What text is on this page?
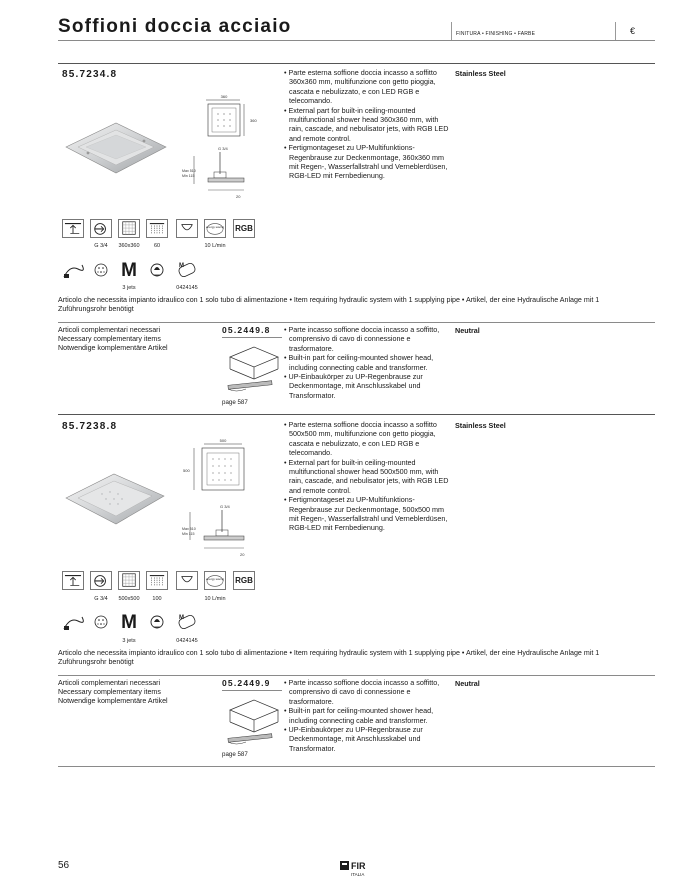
Soffioni doccia acciaio	FINITURA • FINISHING • FARBE	€
85.7234.8
360
360
G 3/4
Max 510
Min 115
20
• Parte esterna soffione doccia incasso a soffitto 360x360 mm, multifunzione con getto pioggia, cascata e nebulizzato, e con LED RGB e telecomando.
• External part for built-in ceiling-mounted multifunctional shower head 360x360 mm, with rain, cascade, and nebulisator jets, with RGB LED and remote control.
• Fertigmontageset zu UP-Multifunktions-Regenbrause zur Deckenmontage, 360x360 mm mit Regen-, Wasserfallstrahl und Verneblerdüsen, RGB-LED mit Fernbedienung.
Stainless Steel
energy saving RGB
G 3/4	360x360	60	10 L/min
M	M
3 jets	0424145
Articolo che necessita impianto idraulico con 1 solo tubo di alimentazione • Item requiring hydraulic system with 1 supplying pipe • Artikel, der eine Hydraulische Anlage mit 1 Zuführungsrohr benötigt
Articoli complementari necessari
Necessary complementary items
Notwendige komplementäre Artikel
05.2449.8
page 587
• Parte incasso soffione doccia incasso a soffitto, comprensivo di cavo di connessione e trasformatore.
• Built-in part for ceiling-mounted shower head, including connecting cable and transformer.
• UP-Einbaukörper zu UP-Regenbrause zur Deckenmontage, mit Anschlusskabel und Transformator.
Neutral
85.7238.8
500
500
G 3/4
Max 510
Min 115
20
• Parte esterna soffione doccia incasso a soffitto 500x500 mm, multifunzione con getto pioggia, cascata e nebulizzato, e con LED RGB e telecomando.
• External part for built-in ceiling-mounted multifunctional shower head 500x500 mm, with rain, cascade, and nebulisator jets, with RGB LED and remote control.
• Fertigmontageset zu UP-Multifunktions-Regenbrause zur Deckenmontage, 500x500 mm mit Regen-, Wasserfallstrahl und Verneblerdüsen, RGB-LED mit Fernbedienung.
Stainless Steel
energy saving RGB
G 3/4	500x500	100	10 L/min
M	M
3 jets	0424145
Articolo che necessita impianto idraulico con 1 solo tubo di alimentazione • Item requiring hydraulic system with 1 supplying pipe • Artikel, der eine Hydraulische Anlage mit 1 Zuführungsrohr benötigt
Articoli complementari necessari
Necessary complementary items
Notwendige komplementäre Artikel
05.2449.9
page 587
• Parte incasso soffione doccia incasso a soffitto, comprensivo di cavo di connessione e trasformatore.
• Built-in part for ceiling-mounted shower head, including connecting cable and transformer.
• UP-Einbaukörper zu UP-Regenbrause zur Deckenmontage, mit Anschlusskabel und Transformator.
Neutral
56	FIR
ITALIA
